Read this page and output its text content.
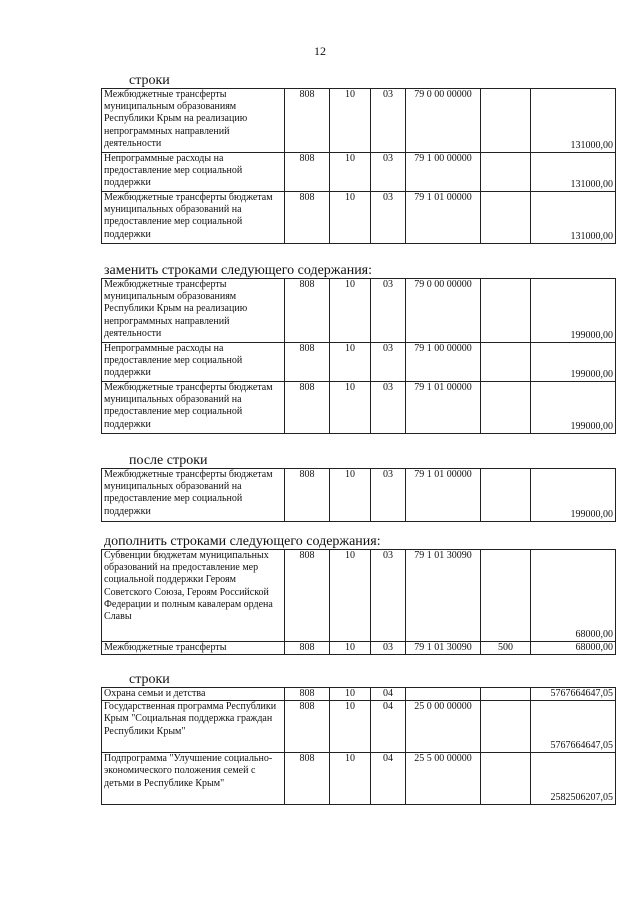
12
строки
Межбюджетные трансферты муниципальным образованиям Республики Крым на реализацию непрограммных направлений деятельности	808	10	03	79 0 00 00000		131000,00
Непрограммные расходы на предоставление мер социальной поддержки	808	10	03	79 1 00 00000		131000,00
Межбюджетные трансферты бюджетам муниципальных образований на предоставление мер социальной поддержки	808	10	03	79 1 01 00000		131000,00
заменить строками следующего содержания:
Межбюджетные трансферты муниципальным образованиям Республики Крым на реализацию непрограммных направлений деятельности	808	10	03	79 0 00 00000		199000,00
Непрограммные расходы на предоставление мер социальной поддержки	808	10	03	79 1 00 00000		199000,00
Межбюджетные трансферты бюджетам муниципальных образований на предоставление мер социальной поддержки	808	10	03	79 1 01 00000		199000,00
после строки
Межбюджетные трансферты бюджетам муниципальных образований на предоставление мер социальной поддержки	808	10	03	79 1 01 00000		199000,00
дополнить строками следующего содержания:
Субвенции бюджетам муниципальных образований на предоставление мер социальной поддержки Героям Советского Союза, Героям Российской Федерации и полным кавалерам ордена Славы	808	10	03	79 1 01 30090		68000,00
Межбюджетные трансферты	808	10	03	79 1 01 30090	500	68000,00
строки
Охрана семьи и детства	808	10	04			5767664647,05
Государственная программа Республики Крым "Социальная поддержка граждан Республики Крым"	808	10	04	25 0 00 00000		5767664647,05
Подпрограмма "Улучшение социально-экономического положения семей с детьми в Республике Крым"	808	10	04	25 5 00 00000		2582506207,05
